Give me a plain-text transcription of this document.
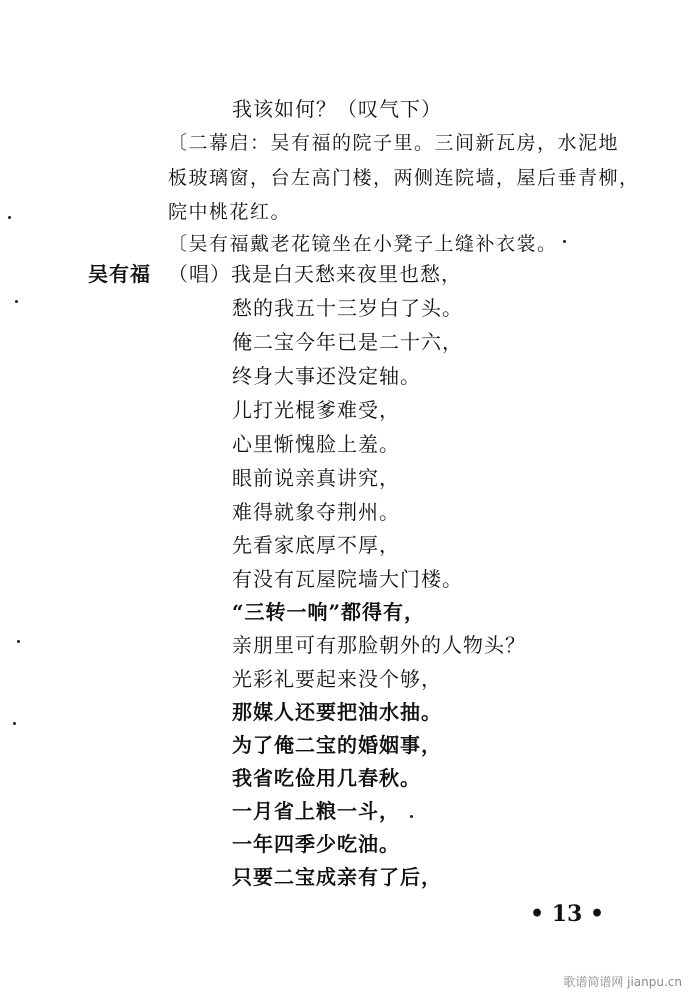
我该如何？（叹气下）
〔二幕启：吴有福的院子里。三间新瓦房，水泥地
板玻璃窗，台左高门楼，两侧连院墙，屋后垂青柳，
院中桃花红。
〔吴有福戴老花镜坐在小凳子上缝补衣裳。
吴有福 （唱）我是白天愁来夜里也愁，
愁的我五十三岁白了头。
俺二宝今年已是二十六，
终身大事还没定轴。
儿打光棍爹难受，
心里惭愧脸上羞。
眼前说亲真讲究，
难得就象夺荆州。
先看家底厚不厚，
有没有瓦屋院墙大门楼。
“三转一响”都得有，
亲朋里可有那脸朝外的人物头？
光彩礼要起来没个够，
那媒人还要把油水抽。
为了俺二宝的婚姻事，
我省吃俭用几春秋。
一月省上粮一斗，
一年四季少吃油。
只要二宝成亲有了后，
• 13 •
歌谱简谱网 jianpu.cn
